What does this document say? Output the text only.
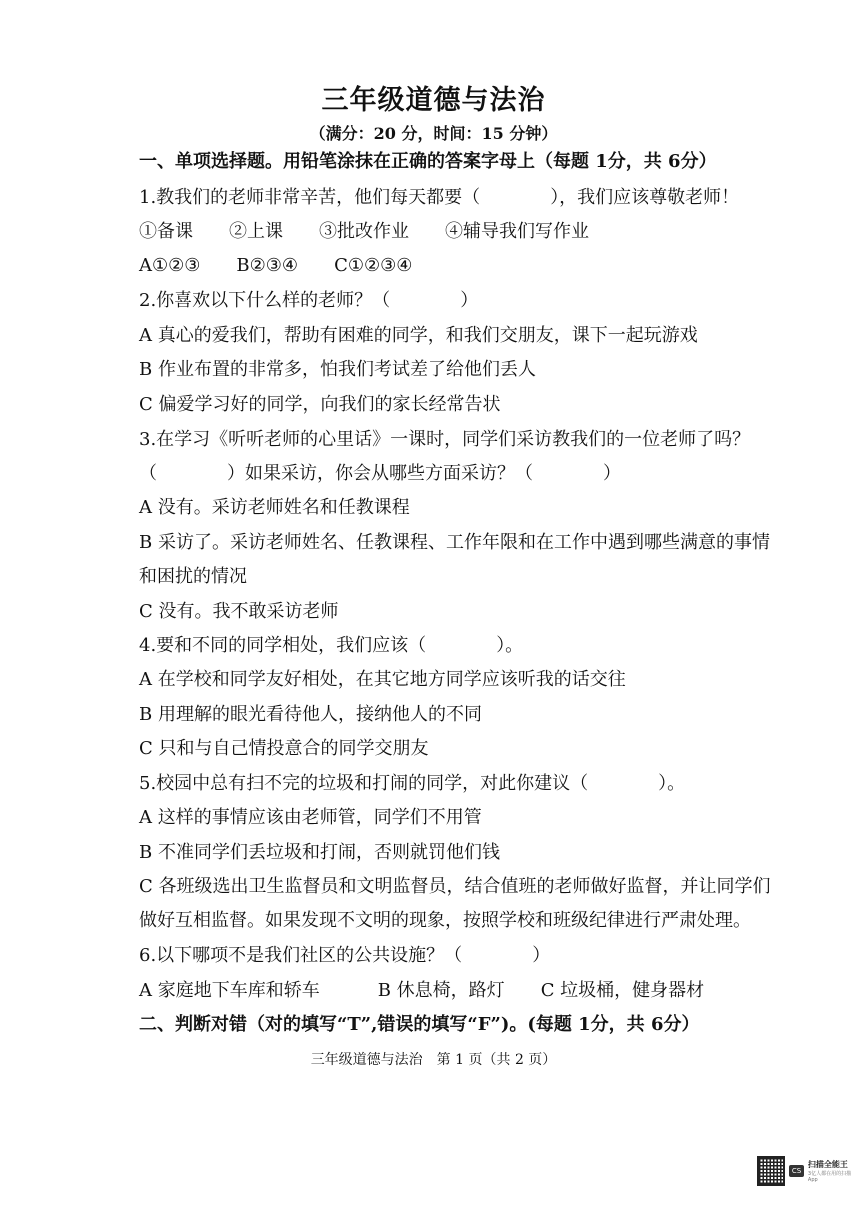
三年级道德与法治
（满分：20 分，时间：15 分钟）
一、单项选择题。用铅笔涂抹在正确的答案字母上（每题 1分，共 6分）
1.教我们的老师非常辛苦，他们每天都要（	），我们应该尊敬老师！
①备课 ②上课 ③批改作业 ④辅导我们写作业
A①②③ B②③④ C①②③④
2.你喜欢以下什么样的老师？（	）
A 真心的爱我们，帮助有困难的同学，和我们交朋友，课下一起玩游戏
B 作业布置的非常多，怕我们考试差了给他们丢人
C 偏爱学习好的同学，向我们的家长经常告状
3.在学习《听听老师的心里话》一课时，同学们采访教我们的一位老师了吗？
（	）如果采访，你会从哪些方面采访？（	）
A 没有。采访老师姓名和任教课程
B 采访了。采访老师姓名、任教课程、工作年限和在工作中遇到哪些满意的事情
和困扰的情况
C 没有。我不敢采访老师
4.要和不同的同学相处，我们应该（	）。
A 在学校和同学友好相处，在其它地方同学应该听我的话交往
B 用理解的眼光看待他人，接纳他人的不同
C 只和与自己情投意合的同学交朋友
5.校园中总有扫不完的垃圾和打闹的同学，对此你建议（	）。
A 这样的事情应该由老师管，同学们不用管
B 不准同学们丢垃圾和打闹，否则就罚他们钱
C 各班级选出卫生监督员和文明监督员，结合值班的老师做好监督，并让同学们
做好互相监督。如果发现不文明的现象，按照学校和班级纪律进行严肃处理。
6.以下哪项不是我们社区的公共设施？（	）
A 家庭地下车库和轿车	B 休息椅，路灯 C 垃圾桶，健身器材
二、判断对错（对的填写“T”,错误的填写“F”)。(每题 1分，共 6分）
三年级道德与法治　第 1 页（共 2 页）
CS
扫描全能王
3亿人都在用的扫描App
